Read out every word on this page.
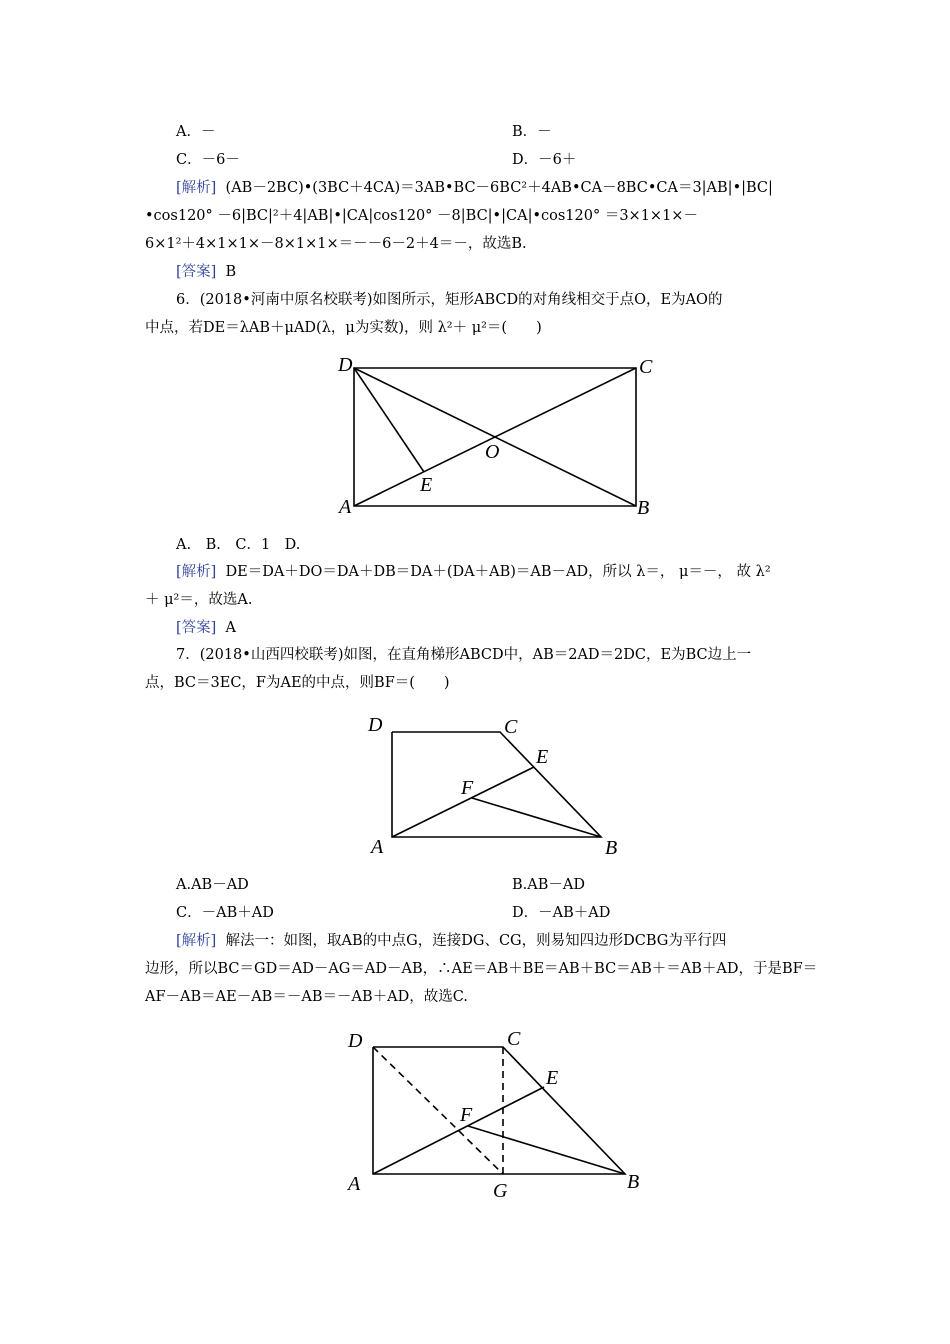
A．－	B．－
C．－6－	D．－6＋
[解析] (AB－2BC)•(3BC＋4CA)＝3AB•BC－6BC²＋4AB•CA－8BC•CA＝3|AB|•|BC|
•cos120° －6|BC|²＋4|AB|•|CA|cos120° －8|BC|•|CA|•cos120° ＝3×1×1×－
6×1²＋4×1×1×－8×1×1×＝－－6－2＋4＝－，故选B.
[答案] B
6．(2018•河南中原名校联考)如图所示，矩形ABCD的对角线相交于点O，E为AO的
中点，若DE＝λAB＋μAD(λ，μ为实数)，则 λ²＋ μ²＝(　　)
D	C
O
E
A	B
A.　B.　C．1　D.
[解析] DE＝DA＋DO＝DA＋DB＝DA＋(DA＋AB)＝AB－AD，所以 λ＝， μ＝－， 故 λ²
＋ μ²＝，故选A.
[答案] A
7．(2018•山西四校联考)如图，在直角梯形ABCD中，AB＝2AD＝2DC，E为BC边上一
点，BC＝3EC，F为AE的中点，则BF＝(　　)
D	C
E
F
A	B
A.AB－AD	B.AB－AD
C．－AB＋AD	D．－AB＋AD
[解析] 解法一：如图，取AB的中点G，连接DG、CG，则易知四边形DCBG为平行四
边形，所以BC＝GD＝AD－AG＝AD－AB，∴AE＝AB＋BE＝AB＋BC＝AB＋＝AB＋AD，于是BF＝
AF－AB＝AE－AB＝－AB＝－AB＋AD，故选C.
D	C
E
F
A	G	B
